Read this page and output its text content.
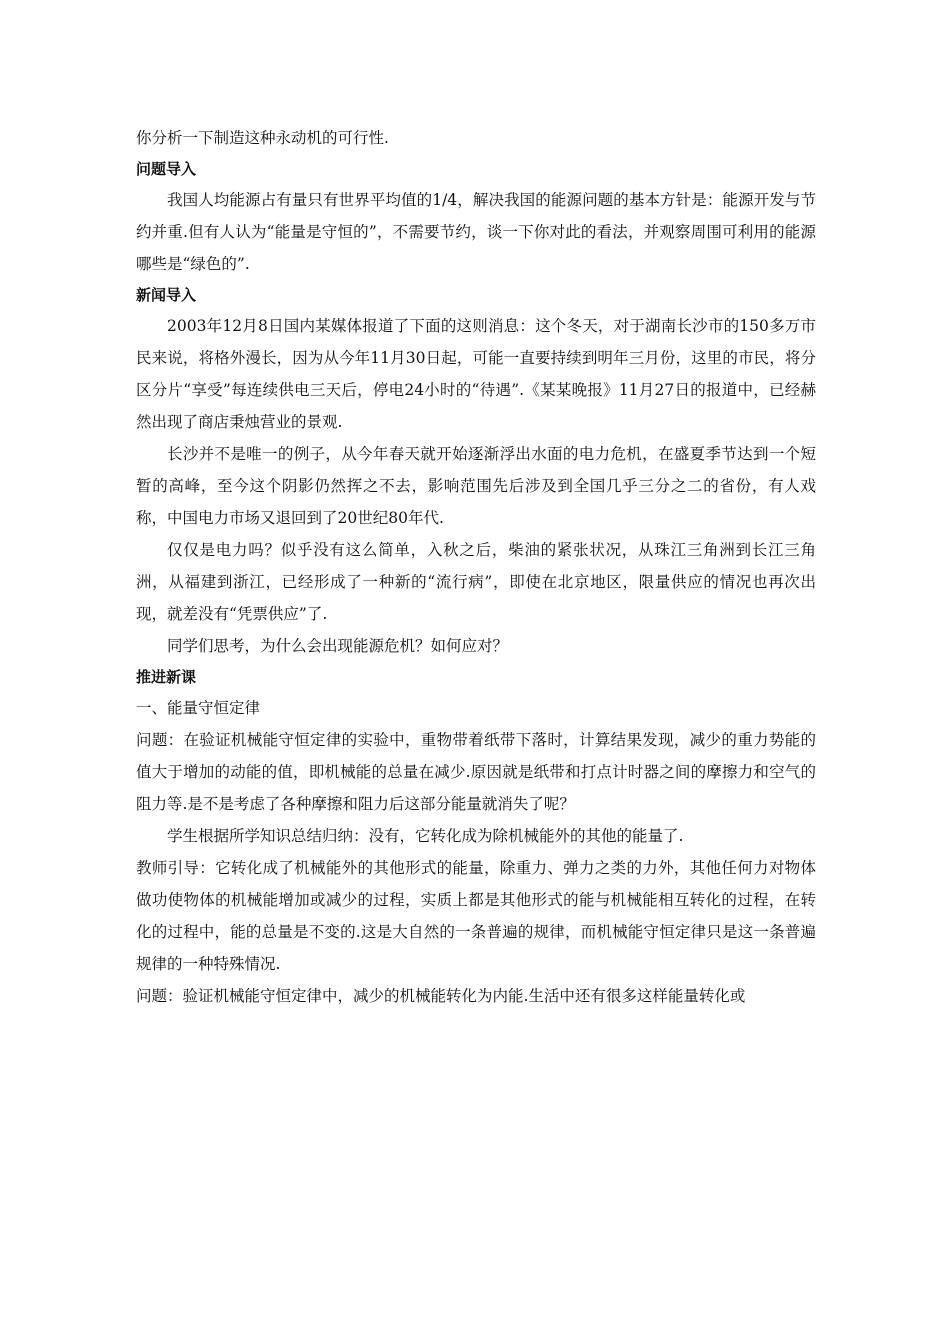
你分析一下制造这种永动机的可行性.

问题导入

我国人均能源占有量只有世界平均值的1/4，解决我国的能源问题的基本方针是：能源开发与节约并重.但有人认为“能量是守恒的”，不需要节约，谈一下你对此的看法，并观察周围可利用的能源哪些是“绿色的”.

新闻导入

2003年12月8日国内某媒体报道了下面的这则消息：这个冬天，对于湖南长沙市的150多万市民来说，将格外漫长，因为从今年11月30日起，可能一直要持续到明年三月份，这里的市民，将分区分片“享受”每连续供电三天后，停电24小时的“待遇”.《某某晚报》11月27日的报道中，已经赫然出现了商店秉烛营业的景观.

长沙并不是唯一的例子，从今年春天就开始逐渐浮出水面的电力危机，在盛夏季节达到一个短暂的高峰，至今这个阴影仍然挥之不去，影响范围先后涉及到全国几乎三分之二的省份，有人戏称，中国电力市场又退回到了20世纪80年代.

仅仅是电力吗？似乎没有这么简单，入秋之后，柴油的紧张状况，从珠江三角洲到长江三角洲，从福建到浙江，已经形成了一种新的“流行病”，即使在北京地区，限量供应的情况也再次出现，就差没有“凭票供应”了.

同学们思考，为什么会出现能源危机？如何应对？

推进新课

一、能量守恒定律

问题：在验证机械能守恒定律的实验中，重物带着纸带下落时，计算结果发现，减少的重力势能的值大于增加的动能的值，即机械能的总量在减少.原因就是纸带和打点计时器之间的摩擦力和空气的阻力等.是不是考虑了各种摩擦和阻力后这部分能量就消失了呢？

学生根据所学知识总结归纳：没有，它转化成为除机械能外的其他的能量了.

教师引导：它转化成了机械能外的其他形式的能量，除重力、弹力之类的力外，其他任何力对物体做功使物体的机械能增加或减少的过程，实质上都是其他形式的能与机械能相互转化的过程，在转化的过程中，能的总量是不变的.这是大自然的一条普遍的规律，而机械能守恒定律只是这一条普遍规律的一种特殊情况.

问题：验证机械能守恒定律中，减少的机械能转化为内能.生活中还有很多这样能量转化或
